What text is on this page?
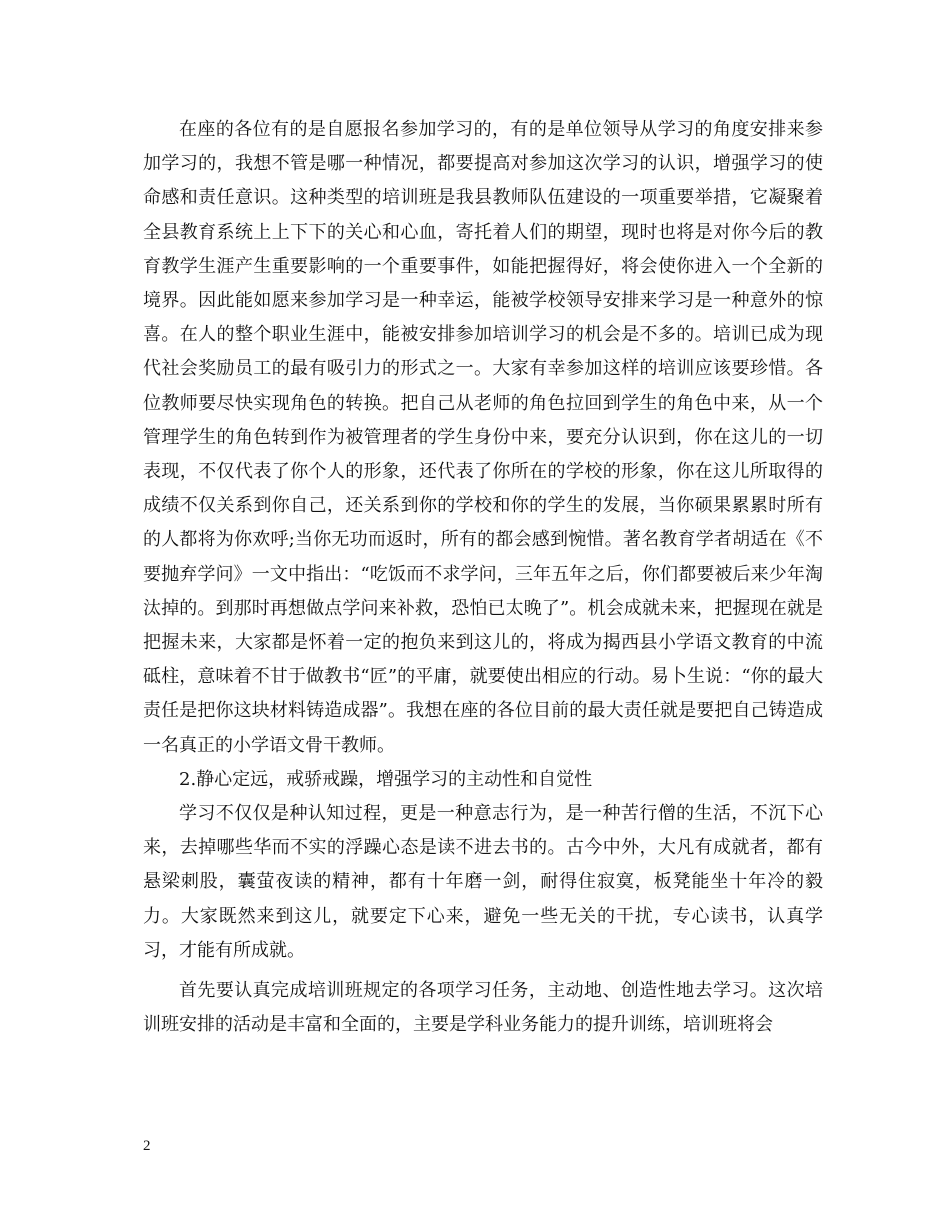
在座的各位有的是自愿报名参加学习的，有的是单位领导从学习的角度安排来参加学习的，我想不管是哪一种情况，都要提高对参加这次学习的认识，增强学习的使命感和责任意识。这种类型的培训班是我县教师队伍建设的一项重要举措，它凝聚着全县教育系统上上下下的关心和心血，寄托着人们的期望，现时也将是对你今后的教育教学生涯产生重要影响的一个重要事件，如能把握得好，将会使你进入一个全新的境界。因此能如愿来参加学习是一种幸运，能被学校领导安排来学习是一种意外的惊喜。在人的整个职业生涯中，能被安排参加培训学习的机会是不多的。培训已成为现代社会奖励员工的最有吸引力的形式之一。大家有幸参加这样的培训应该要珍惜。各位教师要尽快实现角色的转换。把自己从老师的角色拉回到学生的角色中来，从一个管理学生的角色转到作为被管理者的学生身份中来，要充分认识到，你在这儿的一切表现，不仅代表了你个人的形象，还代表了你所在的学校的形象，你在这儿所取得的成绩不仅关系到你自己，还关系到你的学校和你的学生的发展，当你硕果累累时所有的人都将为你欢呼;当你无功而返时，所有的都会感到惋惜。著名教育学者胡适在《不要抛弃学问》一文中指出：“吃饭而不求学问，三年五年之后，你们都要被后来少年淘汰掉的。到那时再想做点学问来补救，恐怕已太晚了”。机会成就未来，把握现在就是把握未来，大家都是怀着一定的抱负来到这儿的，将成为揭西县小学语文教育的中流砥柱，意味着不甘于做教书“匠”的平庸，就要使出相应的行动。易卜生说：“你的最大责任是把你这块材料铸造成器”。我想在座的各位目前的最大责任就是要把自己铸造成一名真正的小学语文骨干教师。

2.静心定远，戒骄戒躁，增强学习的主动性和自觉性

学习不仅仅是种认知过程，更是一种意志行为，是一种苦行僧的生活，不沉下心来，去掉哪些华而不实的浮躁心态是读不进去书的。古今中外，大凡有成就者，都有悬梁刺股，囊萤夜读的精神，都有十年磨一剑，耐得住寂寞，板凳能坐十年冷的毅力。大家既然来到这儿，就要定下心来，避免一些无关的干扰，专心读书，认真学习，才能有所成就。

首先要认真完成培训班规定的各项学习任务，主动地、创造性地去学习。这次培训班安排的活动是丰富和全面的，主要是学科业务能力的提升训练，培训班将会

2
